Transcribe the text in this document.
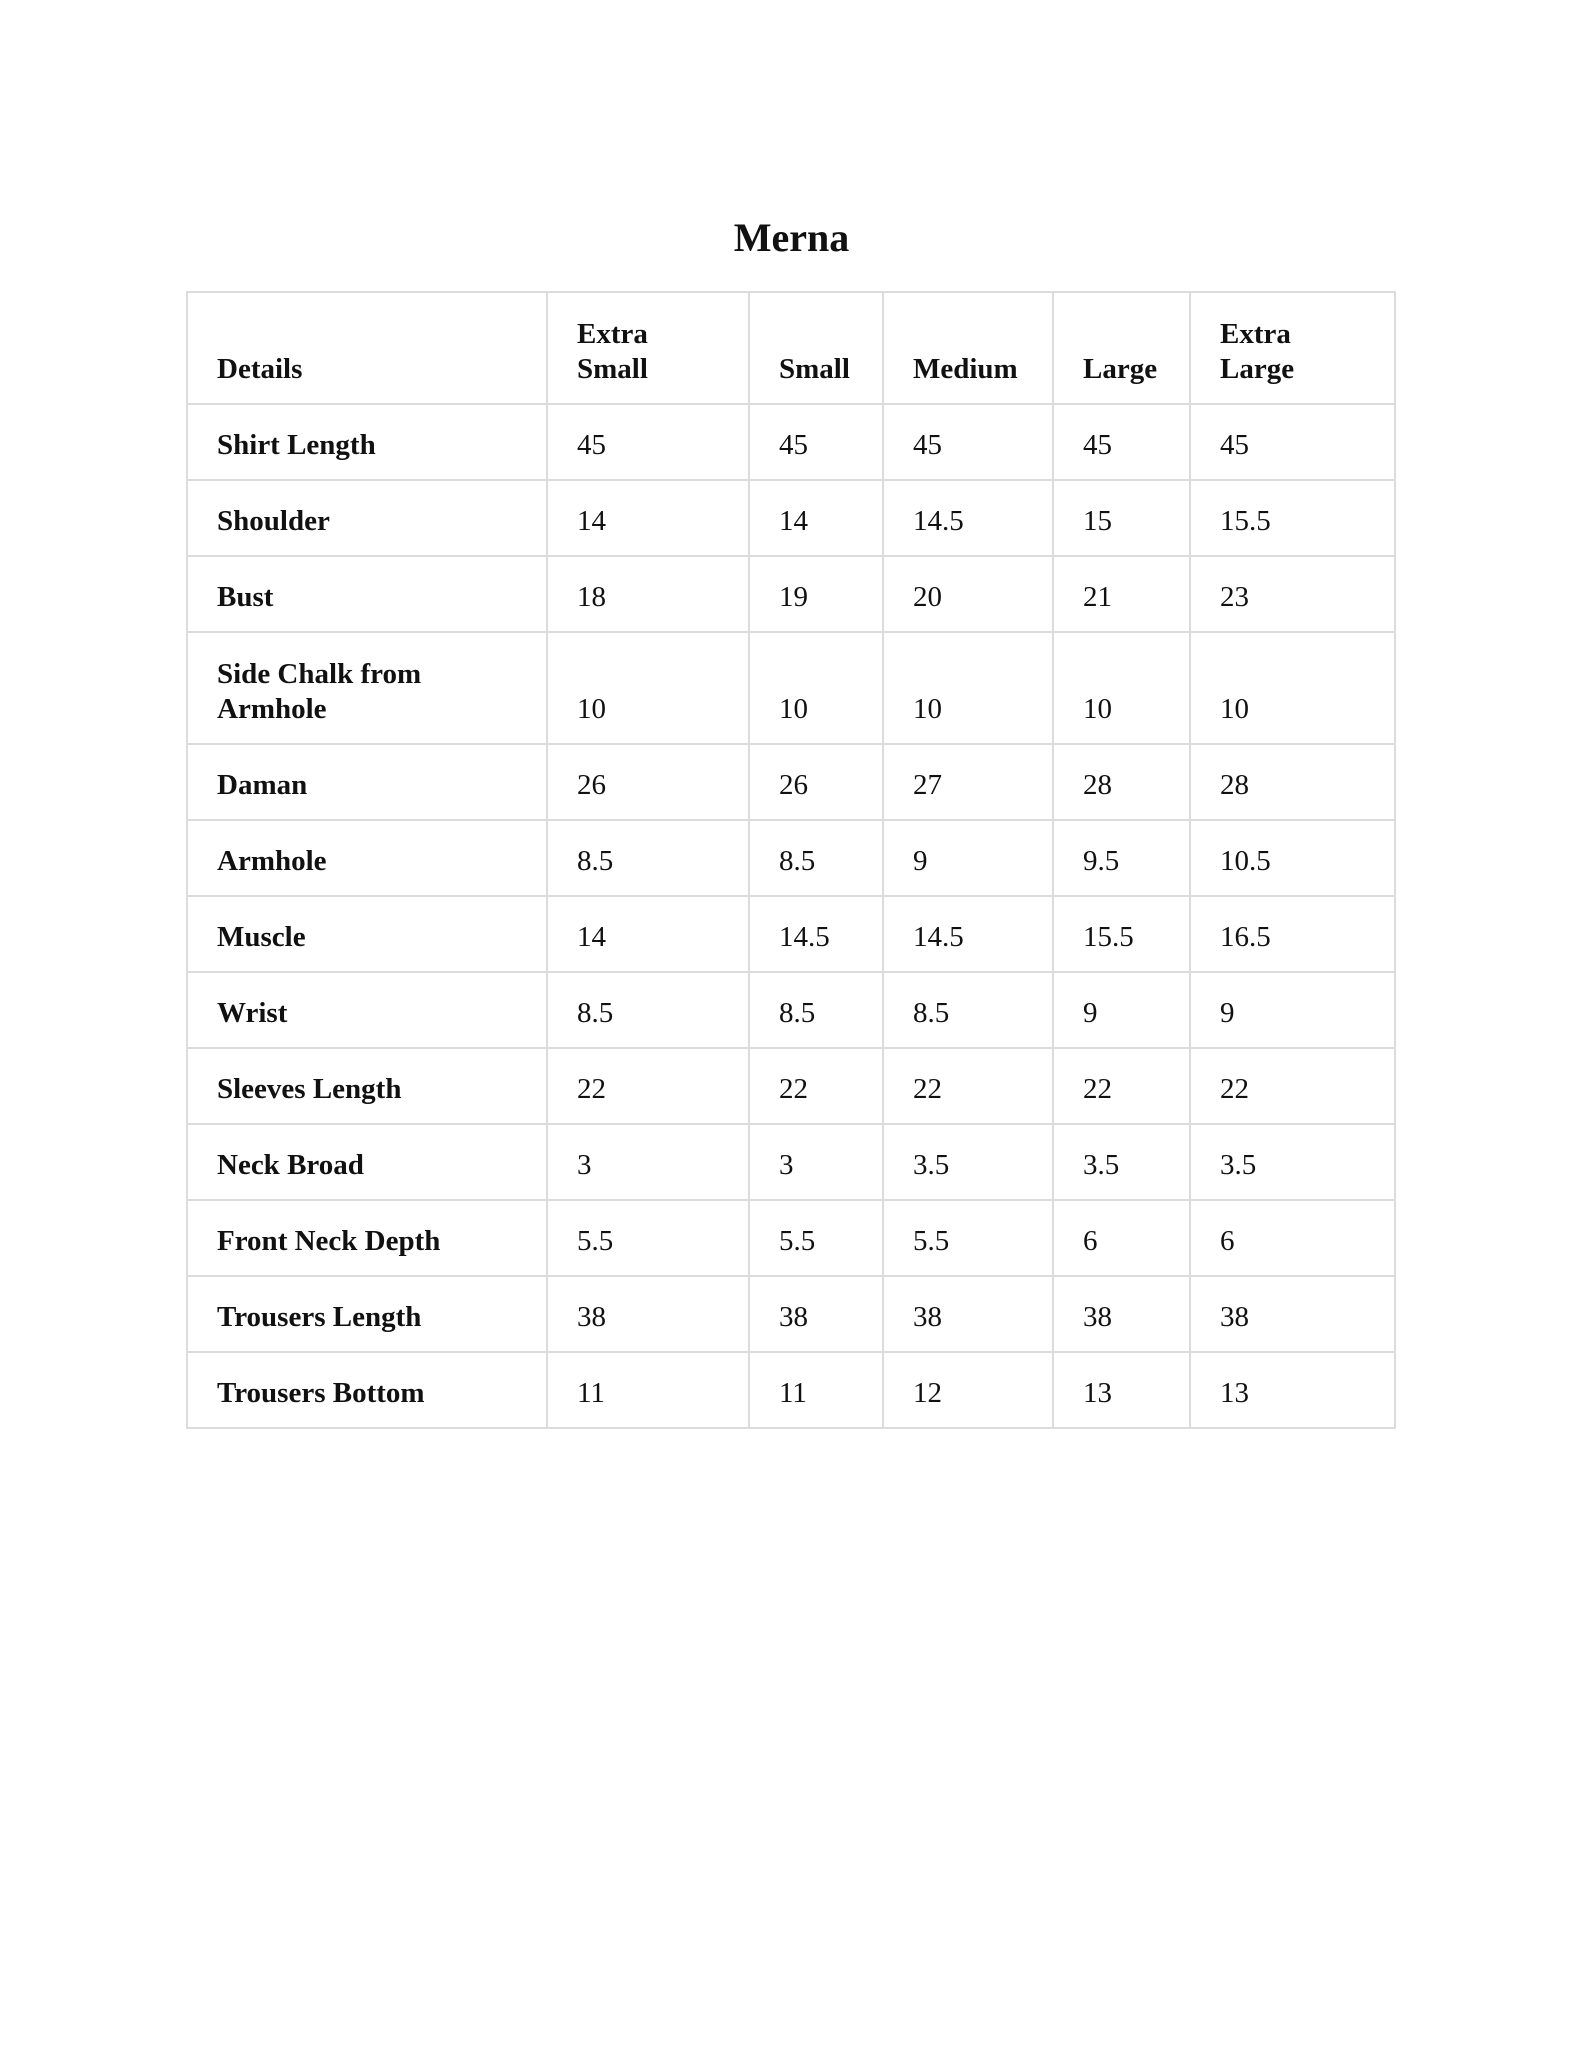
Merna
Details	Extra Small	Small	Medium	Large	Extra Large
Shirt Length	45	45	45	45	45
Shoulder	14	14	14.5	15	15.5
Bust	18	19	20	21	23
Side Chalk from Armhole	10	10	10	10	10
Daman	26	26	27	28	28
Armhole	8.5	8.5	9	9.5	10.5
Muscle	14	14.5	14.5	15.5	16.5
Wrist	8.5	8.5	8.5	9	9
Sleeves Length	22	22	22	22	22
Neck Broad	3	3	3.5	3.5	3.5
Front Neck Depth	5.5	5.5	5.5	6	6
Trousers Length	38	38	38	38	38
Trousers Bottom	11	11	12	13	13
